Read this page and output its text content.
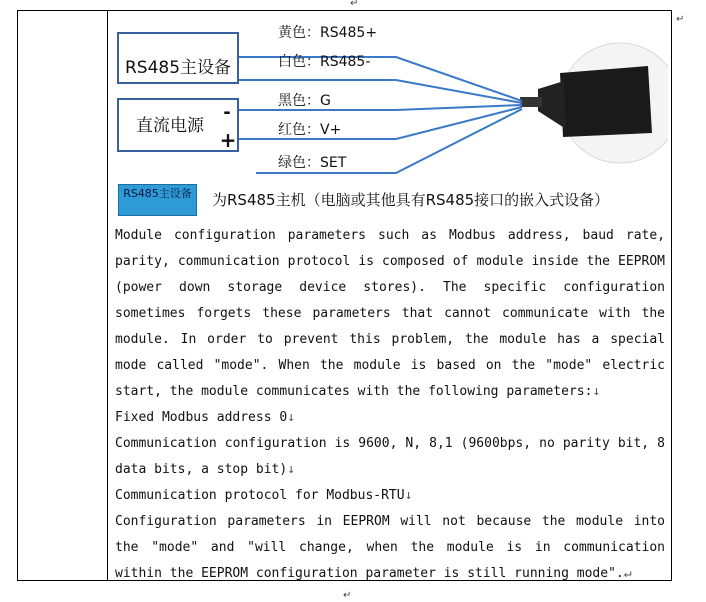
↵
↵
↵
RS485主设备
直流电源
-
+
黄色：RS485+
白色：RS485-
黑色：G
红色：V+
绿色：SET
RS485主设备	为RS485主机（电脑或其他具有RS485接口的嵌入式设备）

Module configuration parameters such as Modbus address, baud rate, parity, communication protocol is composed of module inside the EEPROM (power down storage device stores). The specific configuration sometimes forgets these parameters that cannot communicate with the module. In order to prevent this problem, the module has a special mode called "mode". When the module is based on the "mode" electric start, the module communicates with the following parameters:↓

Fixed Modbus address 0↓

Communication configuration is 9600, N, 8,1 (9600bps, no parity bit, 8 data bits, a stop bit)↓

Communication protocol for Modbus-RTU↓

Configuration parameters in EEPROM will not because the module into the "mode" and "will change, when the module is in communication within the EEPROM configuration parameter is still running mode".↵
